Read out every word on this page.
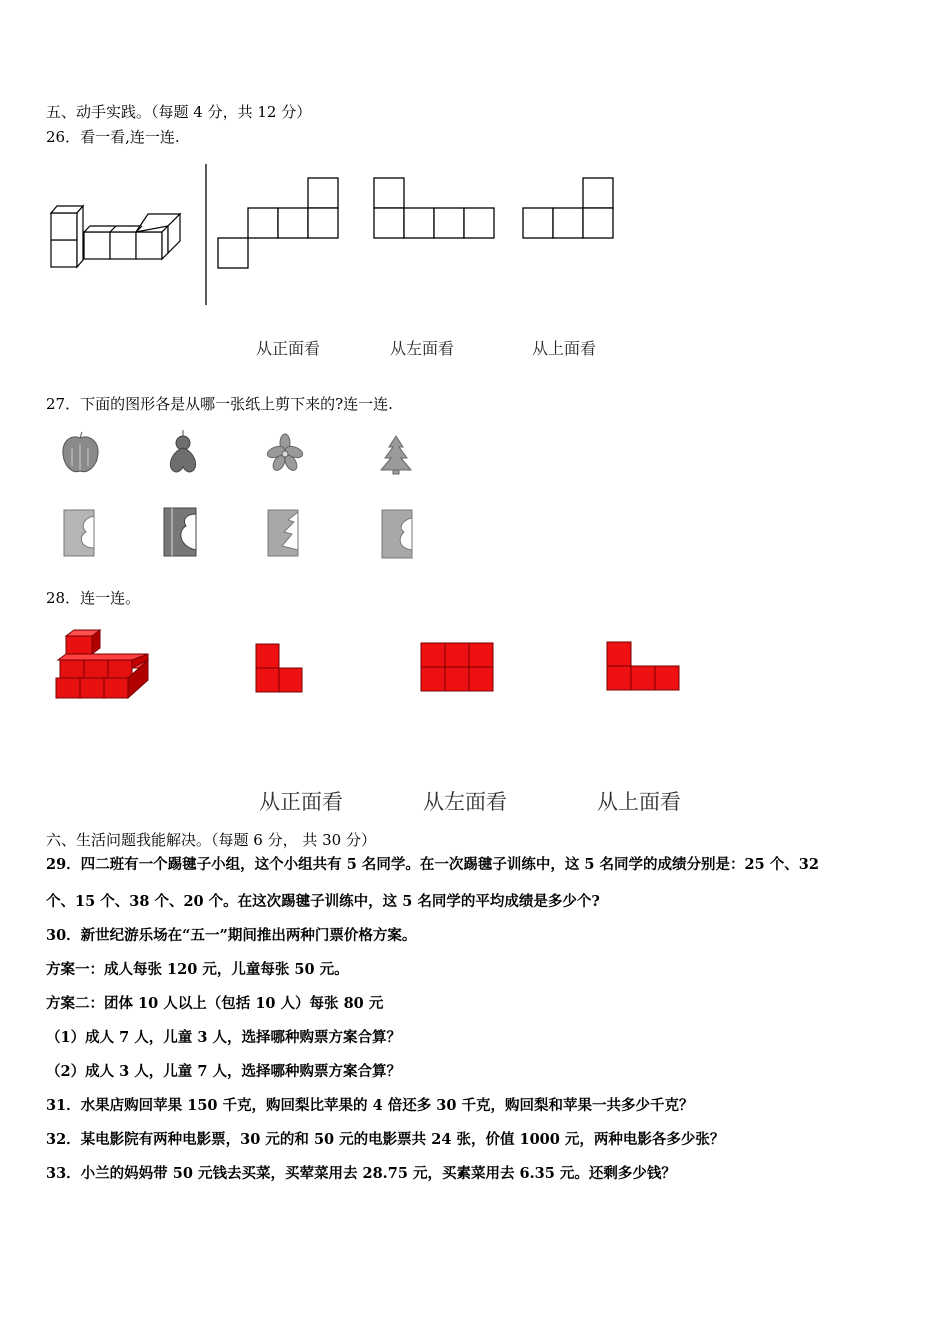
五、动手实践。（每题 4 分，共 12 分）
26．看一看,连一连.
从正面看	从左面看	从上面看
27．下面的图形各是从哪一张纸上剪下来的?连一连.
28．连一连。
从正面看	从左面看	从上面看
六、生活问题我能解决。（每题 6 分， 共 30 分）
29．四二班有一个踢毽子小组，这个小组共有 5 名同学。在一次踢毽子训练中，这 5 名同学的成绩分别是：25 个、32
个、15 个、38 个、20 个。在这次踢毽子训练中，这 5 名同学的平均成绩是多少个?
30．新世纪游乐场在“五一”期间推出两种门票价格方案。
方案一：成人每张 120 元，儿童每张 50 元。
方案二：团体 10 人以上（包括 10 人）每张 80 元
（1）成人 7 人，儿童 3 人，选择哪种购票方案合算？
（2）成人 3 人，儿童 7 人，选择哪种购票方案合算？
31．水果店购回苹果 150 千克，购回梨比苹果的 4 倍还多 30 千克，购回梨和苹果一共多少千克？
32．某电影院有两种电影票，30 元的和 50 元的电影票共 24 张，价值 1000 元，两种电影各多少张？
33．小兰的妈妈带 50 元钱去买菜，买荤菜用去 28.75 元，买素菜用去 6.35 元。还剩多少钱？
